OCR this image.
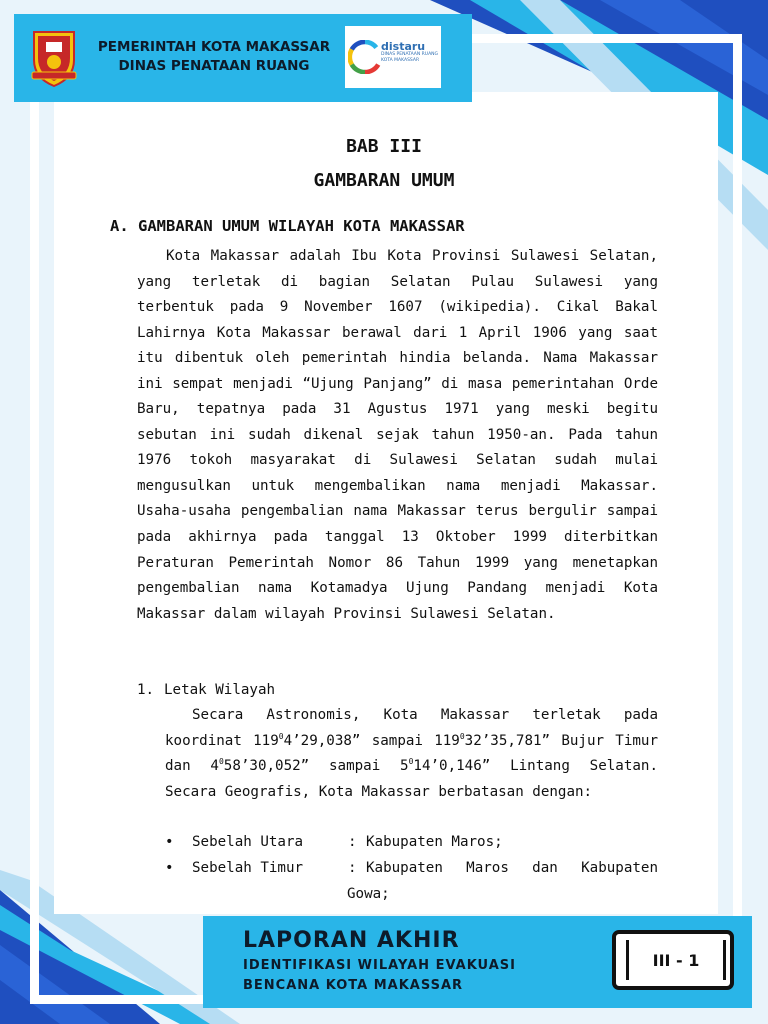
PEMERINTAH KOTA MAKASSAR
DINAS PENATAAN RUANG
distaru
DINAS PENATAAN RUANG
KOTA MAKASSAR
BAB III
GAMBARAN UMUM
A. GAMBARAN UMUM WILAYAH KOTA MAKASSAR

Kota Makassar adalah Ibu Kota Provinsi Sulawesi Selatan, yang terletak di bagian Selatan Pulau Sulawesi yang terbentuk pada 9 November 1607 (wikipedia). Cikal Bakal Lahirnya Kota Makassar berawal dari 1 April 1906 yang saat itu dibentuk oleh pemerintah hindia belanda. Nama Makassar ini sempat menjadi “Ujung Panjang” di masa pemerintahan Orde Baru, tepatnya pada 31 Agustus 1971 yang meski begitu sebutan ini sudah dikenal sejak tahun 1950-an. Pada tahun 1976 tokoh masyarakat di Sulawesi Selatan sudah mulai mengusulkan untuk mengembalikan nama menjadi Makassar. Usaha-usaha pengembalian nama Makassar terus bergulir sampai pada akhirnya pada tanggal 13 Oktober 1999 diterbitkan Peraturan Pemerintah Nomor 86 Tahun 1999 yang menetapkan pengembalian nama Kotamadya Ujung Pandang menjadi Kota Makassar dalam wilayah Provinsi Sulawesi Selatan.

1. Letak Wilayah

Secara Astronomis, Kota Makassar terletak pada koordinat $119^04’29,038$” sampai $119^032’35,781$” Bujur Timur dan $4^058’30,052$” sampai $5^014’0,146$” Lintang Selatan. Secara Geografis, Kota Makassar berbatasan dengan:

• Sebelah Utara	: Kabupaten Maros;
• Sebelah Timur	: Kabupaten Maros dan Kabupaten
Gowa;
LAPORAN AKHIR
IDENTIFIKASI WILAYAH EVAKUASI
BENCANA KOTA MAKASSAR
III - 1
